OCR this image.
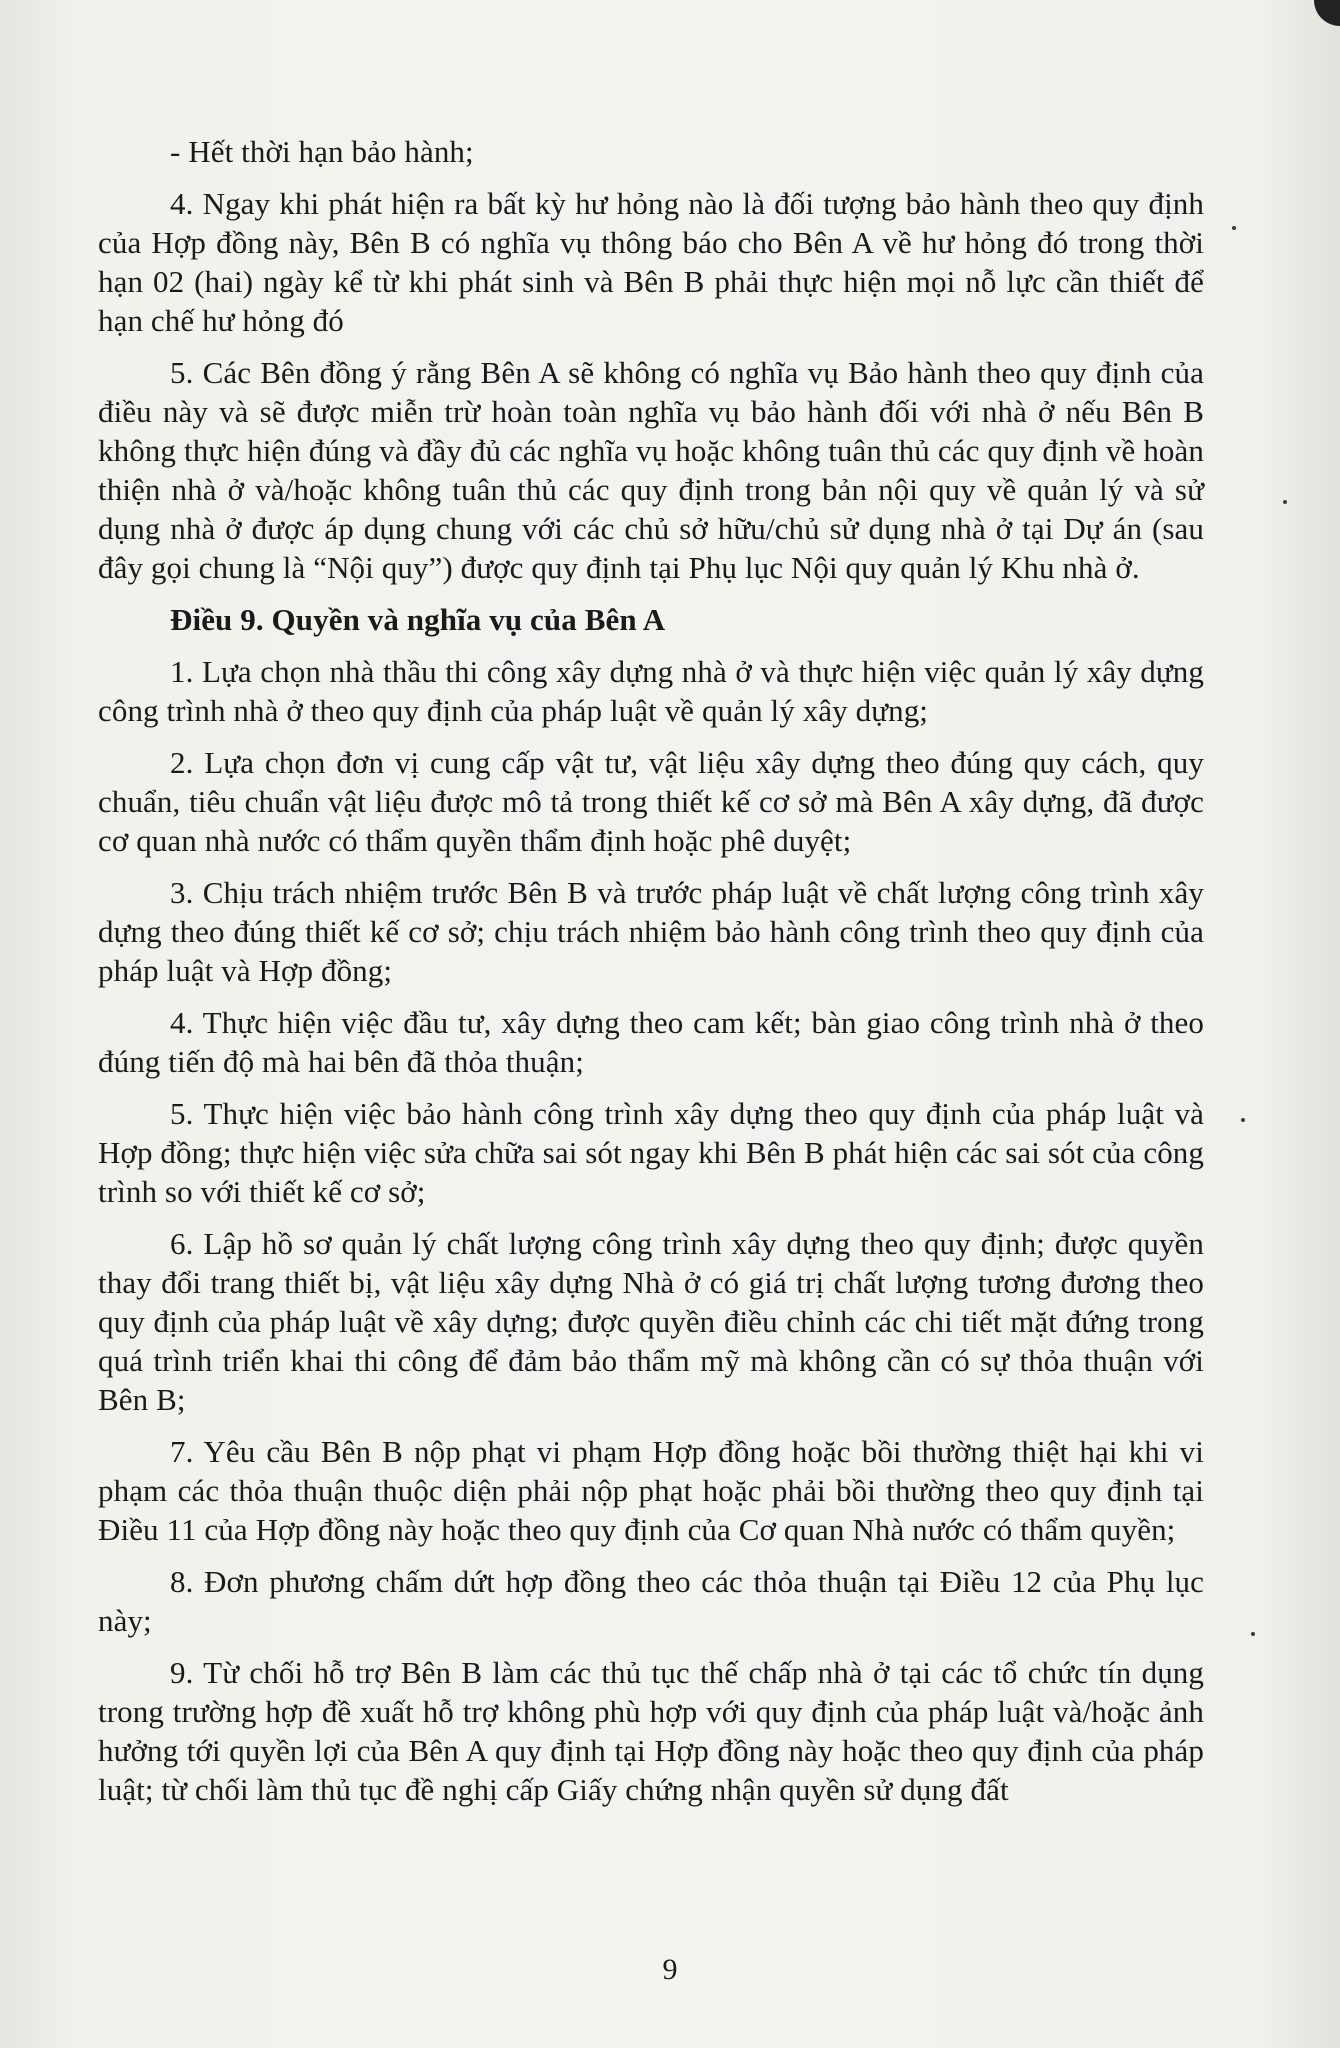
- Hết thời hạn bảo hành;

4. Ngay khi phát hiện ra bất kỳ hư hỏng nào là đối tượng bảo hành theo quy định của Hợp đồng này, Bên B có nghĩa vụ thông báo cho Bên A về hư hỏng đó trong thời hạn 02 (hai) ngày kể từ khi phát sinh và Bên B phải thực hiện mọi nỗ lực cần thiết để hạn chế hư hỏng đó

5. Các Bên đồng ý rằng Bên A sẽ không có nghĩa vụ Bảo hành theo quy định của điều này và sẽ được miễn trừ hoàn toàn nghĩa vụ bảo hành đối với nhà ở nếu Bên B không thực hiện đúng và đầy đủ các nghĩa vụ hoặc không tuân thủ các quy định về hoàn thiện nhà ở và/hoặc không tuân thủ các quy định trong bản nội quy về quản lý và sử dụng nhà ở được áp dụng chung với các chủ sở hữu/chủ sử dụng nhà ở tại Dự án (sau đây gọi chung là “Nội quy”) được quy định tại Phụ lục Nội quy quản lý Khu nhà ở.

Điều 9. Quyền và nghĩa vụ của Bên A

1. Lựa chọn nhà thầu thi công xây dựng nhà ở và thực hiện việc quản lý xây dựng công trình nhà ở theo quy định của pháp luật về quản lý xây dựng;

2. Lựa chọn đơn vị cung cấp vật tư, vật liệu xây dựng theo đúng quy cách, quy chuẩn, tiêu chuẩn vật liệu được mô tả trong thiết kế cơ sở mà Bên A xây dựng, đã được cơ quan nhà nước có thẩm quyền thẩm định hoặc phê duyệt;

3. Chịu trách nhiệm trước Bên B và trước pháp luật về chất lượng công trình xây dựng theo đúng thiết kế cơ sở; chịu trách nhiệm bảo hành công trình theo quy định của pháp luật và Hợp đồng;

4. Thực hiện việc đầu tư, xây dựng theo cam kết; bàn giao công trình nhà ở theo đúng tiến độ mà hai bên đã thỏa thuận;

5. Thực hiện việc bảo hành công trình xây dựng theo quy định của pháp luật và Hợp đồng; thực hiện việc sửa chữa sai sót ngay khi Bên B phát hiện các sai sót của công trình so với thiết kế cơ sở;

6. Lập hồ sơ quản lý chất lượng công trình xây dựng theo quy định; được quyền thay đổi trang thiết bị, vật liệu xây dựng Nhà ở có giá trị chất lượng tương đương theo quy định của pháp luật về xây dựng; được quyền điều chỉnh các chi tiết mặt đứng trong quá trình triển khai thi công để đảm bảo thẩm mỹ mà không cần có sự thỏa thuận với Bên B;

7. Yêu cầu Bên B nộp phạt vi phạm Hợp đồng hoặc bồi thường thiệt hại khi vi phạm các thỏa thuận thuộc diện phải nộp phạt hoặc phải bồi thường theo quy định tại Điều 11 của Hợp đồng này hoặc theo quy định của Cơ quan Nhà nước có thẩm quyền;

8. Đơn phương chấm dứt hợp đồng theo các thỏa thuận tại Điều 12 của Phụ lục này;

9. Từ chối hỗ trợ Bên B làm các thủ tục thế chấp nhà ở tại các tổ chức tín dụng trong trường hợp đề xuất hỗ trợ không phù hợp với quy định của pháp luật và/hoặc ảnh hưởng tới quyền lợi của Bên A quy định tại Hợp đồng này hoặc theo quy định của pháp luật; từ chối làm thủ tục đề nghị cấp Giấy chứng nhận quyền sử dụng đất

9
